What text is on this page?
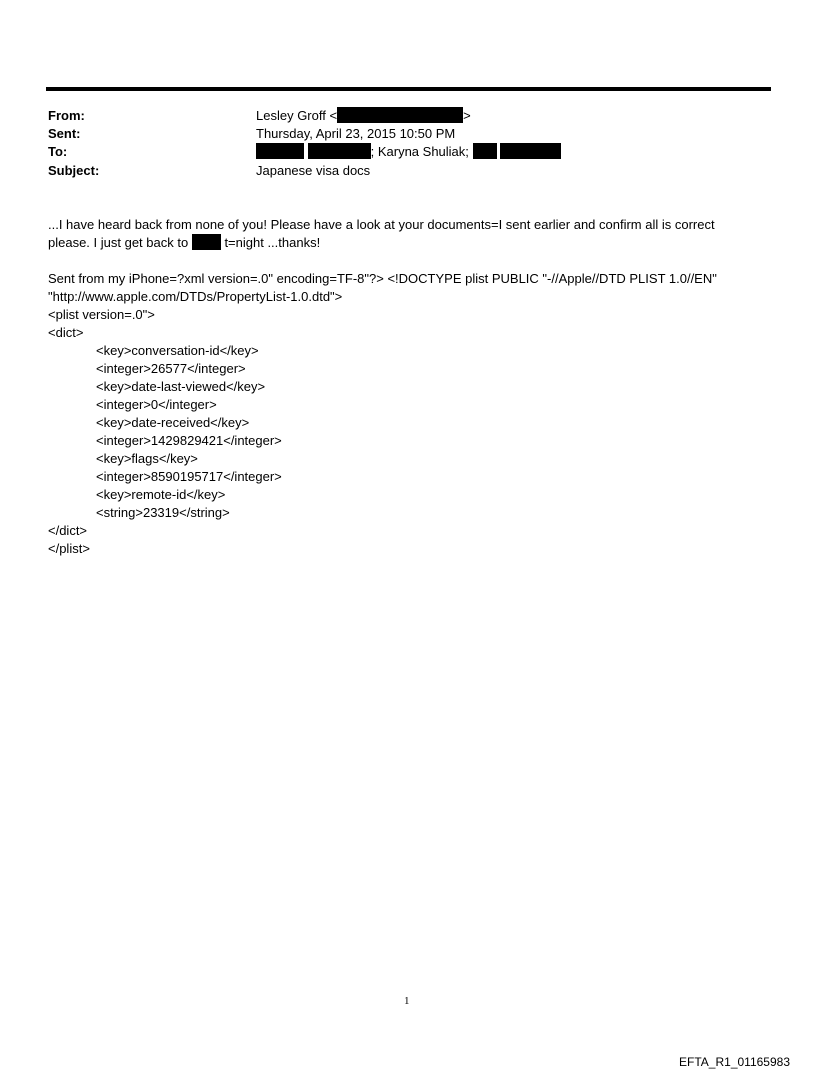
From:	Lesley Groff <	>
Sent:	Thursday, April 23, 2015 10:50 PM
To:	; Karyna Shuliak;
Subject:	Japanese visa docs
...I have heard back from none of you! Please have a look at your documents=I sent earlier and confirm all is correct
please. I just get back to	t=night ...thanks!
Sent from my iPhone=?xml version=.0" encoding=TF-8"?> <!DOCTYPE plist PUBLIC "-//Apple//DTD PLIST 1.0//EN"
"http://www.apple.com/DTDs/PropertyList-1.0.dtd">
<plist version=.0">
<dict>
<key>conversation-id</key>
<integer>26577</integer>
<key>date-last-viewed</key>
<integer>0</integer>
<key>date-received</key>
<integer>1429829421</integer>
<key>flags</key>
<integer>8590195717</integer>
<key>remote-id</key>
<string>23319</string>
</dict>
</plist>
1
EFTA_R1_01165983
